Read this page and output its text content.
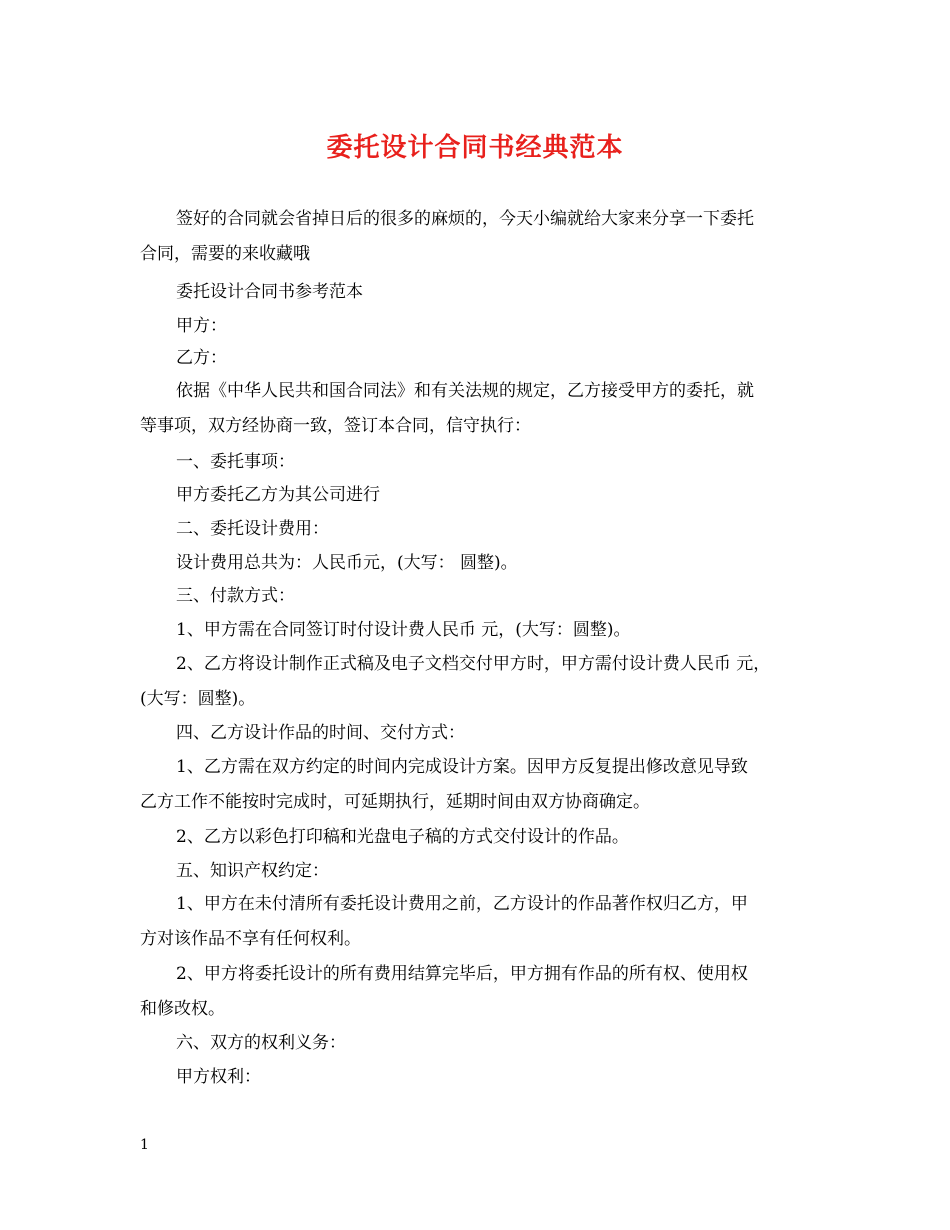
委托设计合同书经典范本
签好的合同就会省掉日后的很多的麻烦的，今天小编就给大家来分享一下委托
合同，需要的来收藏哦
委托设计合同书参考范本
甲方：
乙方：
依据《中华人民共和国合同法》和有关法规的规定，乙方接受甲方的委托，就
等事项，双方经协商一致，签订本合同，信守执行：
一、委托事项：
甲方委托乙方为其公司进行
二、委托设计费用：
设计费用总共为：人民币元，(大写： 圆整)。
三、付款方式：
1、甲方需在合同签订时付设计费人民币 元，(大写：圆整)。
2、乙方将设计制作正式稿及电子文档交付甲方时，甲方需付设计费人民币 元，
(大写：圆整)。
四、乙方设计作品的时间、交付方式：
1、乙方需在双方约定的时间内完成设计方案。因甲方反复提出修改意见导致
乙方工作不能按时完成时，可延期执行，延期时间由双方协商确定。
2、乙方以彩色打印稿和光盘电子稿的方式交付设计的作品。
五、知识产权约定：
1、甲方在未付清所有委托设计费用之前，乙方设计的作品著作权归乙方，甲
方对该作品不享有任何权利。
2、甲方将委托设计的所有费用结算完毕后，甲方拥有作品的所有权、使用权
和修改权。
六、双方的权利义务：
甲方权利：
1
